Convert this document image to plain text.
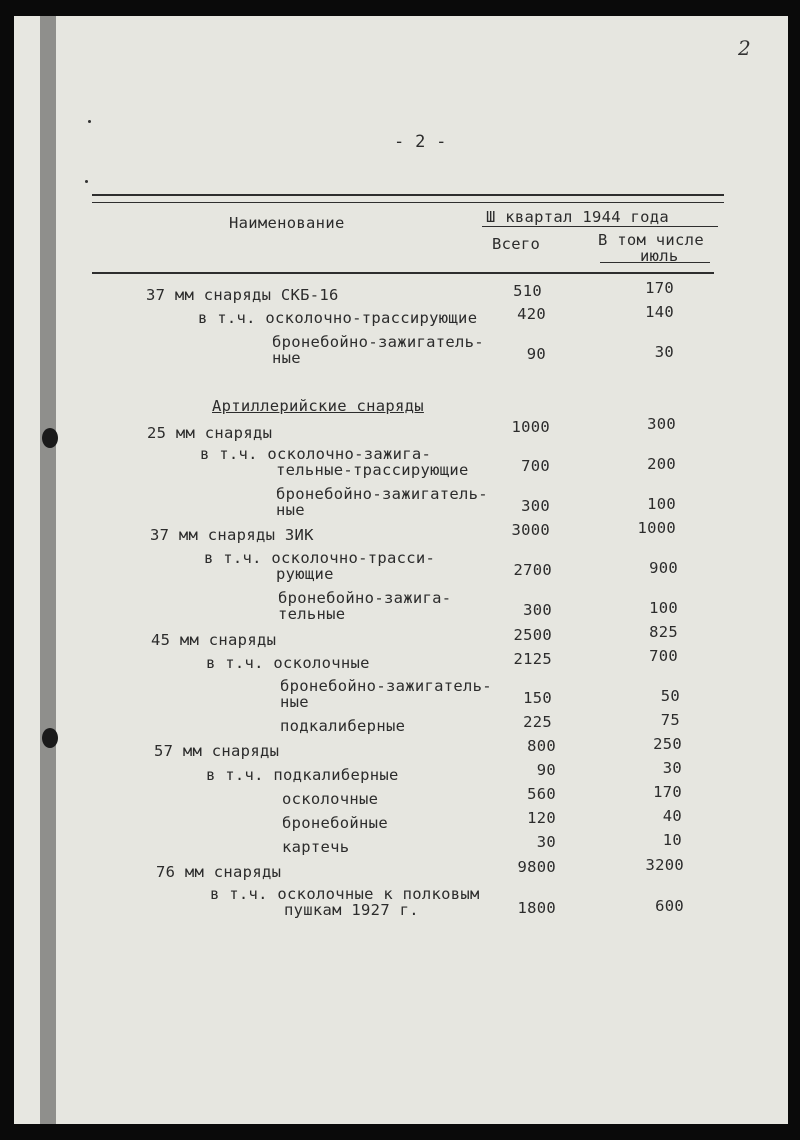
2
- 2 -
Наименование	Ш квартал 1944 года
Всего	В том числе
июль
Артиллерийские снаряды
37 мм снаряды СКБ-16	510	170
в т.ч. осколочно-трассирующие	420	140
бронебойно-зажигатель-
ные	90	30
25 мм снаряды	1000	300
в т.ч. осколочно-зажига-
тельные-трассирующие	700	200
бронебойно-зажигатель-
ные	300	100
37 мм снаряды ЗИК	3000	1000
в т.ч. осколочно-трасси-
рующие	2700	900
бронебойно-зажига-
тельные	300	100
45 мм снаряды	2500	825
в т.ч. осколочные	2125	700
бронебойно-зажигатель-
ные	150	50
подкалиберные	225	75
57 мм снаряды	800	250
в т.ч. подкалиберные	90	30
осколочные	560	170
бронебойные	120	40
картечь	30	10
76 мм снаряды	9800	3200
в т.ч. осколочные к полковым
пушкам 1927 г.	1800	600
